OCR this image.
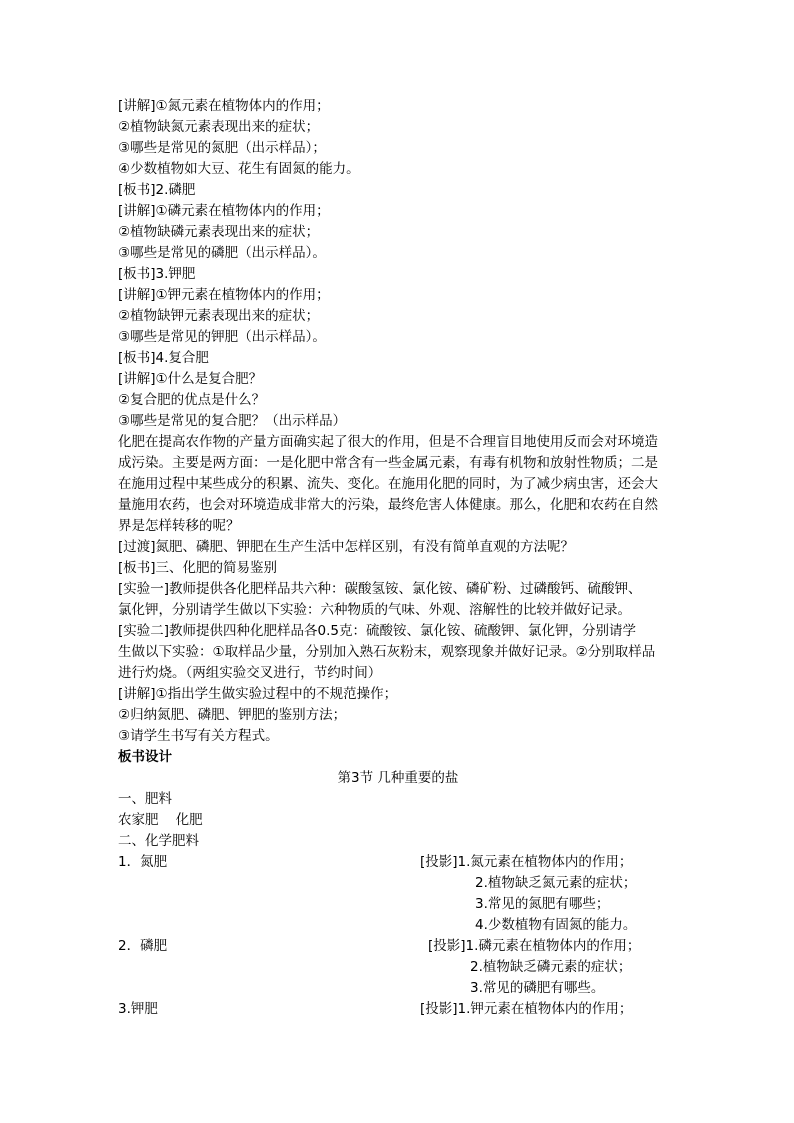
[讲解]①氮元素在植物体内的作用；
②植物缺氮元素表现出来的症状；
③哪些是常见的氮肥（出示样品）；
④少数植物如大豆、花生有固氮的能力。
[板书]2.磷肥
[讲解]①磷元素在植物体内的作用；
②植物缺磷元素表现出来的症状；
③哪些是常见的磷肥（出示样品）。
[板书]3.钾肥
[讲解]①钾元素在植物体内的作用；
②植物缺钾元素表现出来的症状；
③哪些是常见的钾肥（出示样品）。
[板书]4.复合肥
[讲解]①什么是复合肥？
②复合肥的优点是什么？
③哪些是常见的复合肥？（出示样品）
化肥在提高农作物的产量方面确实起了很大的作用，但是不合理盲目地使用反而会对环境造
成污染。主要是两方面：一是化肥中常含有一些金属元素，有毒有机物和放射性物质；二是
在施用过程中某些成分的积累、流失、变化。在施用化肥的同时，为了减少病虫害，还会大
量施用农药，也会对环境造成非常大的污染，最终危害人体健康。那么，化肥和农药在自然
界是怎样转移的呢？
[过渡]氮肥、磷肥、钾肥在生产生活中怎样区别，有没有简单直观的方法呢？
[板书]三、化肥的简易鉴别
[实验一]教师提供各化肥样品共六种：碳酸氢铵、氯化铵、磷矿粉、过磷酸钙、硫酸钾、
氯化钾，分别请学生做以下实验：六种物质的气味、外观、溶解性的比较并做好记录。
[实验二]教师提供四种化肥样品各0.5克：硫酸铵、氯化铵、硫酸钾、氯化钾，分别请学
生做以下实验：①取样品少量，分别加入熟石灰粉末，观察现象并做好记录。②分别取样品
进行灼烧。（两组实验交叉进行，节约时间）
[讲解]①指出学生做实验过程中的不规范操作；
②归纳氮肥、磷肥、钾肥的鉴别方法；
③请学生书写有关方程式。
板书设计
第3节 几种重要的盐
一、肥料
农家肥    化肥
二、化学肥料
1．氮肥	[投影]1.氮元素在植物体内的作用；
2.植物缺乏氮元素的症状；
3.常见的氮肥有哪些；
4.少数植物有固氮的能力。
2．磷肥	[投影]1.磷元素在植物体内的作用；
2.植物缺乏磷元素的症状；
3.常见的磷肥有哪些。
3.钾肥	[投影]1.钾元素在植物体内的作用；
